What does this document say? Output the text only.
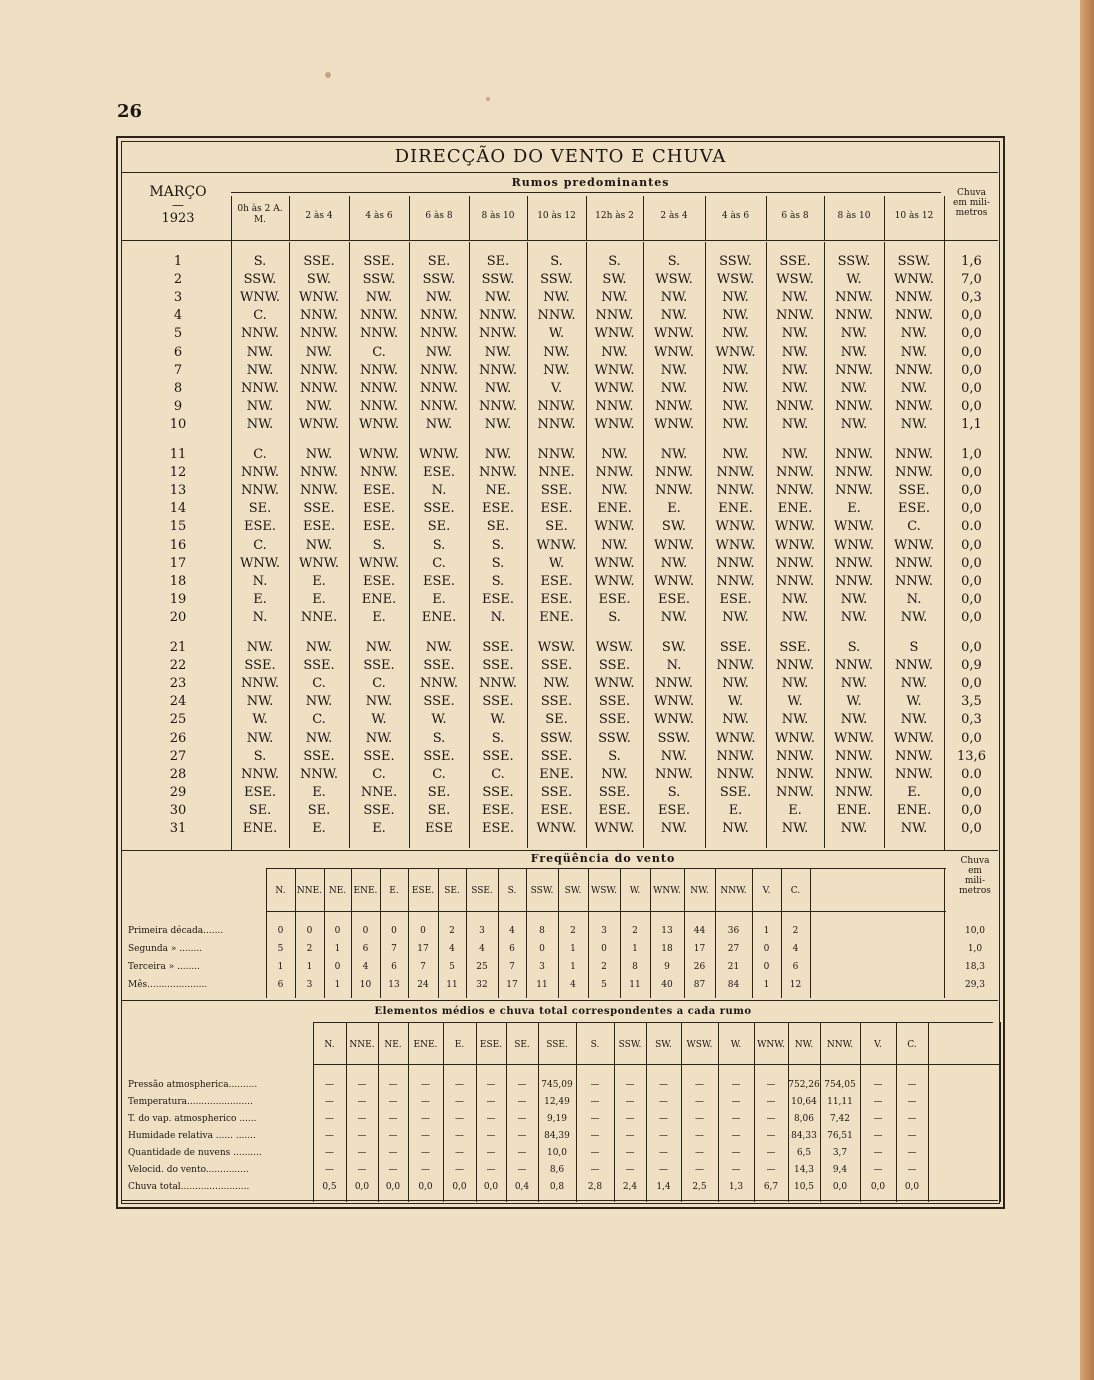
26
DIRECÇÃO DO VENTO E CHUVA
MARÇO
—
1923
Rumos predominantes
Chuva
em mili-
metros
0h às 2 A. M.	2 às 4	4 às 6	6 às 8	8 às 10	10 às 12	12h às 2	2 às 4	4 às 6	6 às 8	8 às 10	10 às 12
1	S.	SSE.	SSE.	SE.	SE.	S.	S.	S.	SSW.	SSE.	SSW.	SSW.	1,6
2	SSW.	SW.	SSW.	SSW.	SSW.	SSW.	SW.	WSW.	WSW.	WSW.	W.	WNW.	7,0
3	WNW.	WNW.	NW.	NW.	NW.	NW.	NW.	NW.	NW.	NW.	NNW.	NNW.	0,3
4	C.	NNW.	NNW.	NNW.	NNW.	NNW.	NNW.	NW.	NW.	NNW.	NNW.	NNW.	0,0
5	NNW.	NNW.	NNW.	NNW.	NNW.	W.	WNW.	WNW.	NW.	NW.	NW.	NW.	0,0
6	NW.	NW.	C.	NW.	NW.	NW.	NW.	WNW.	WNW.	NW.	NW.	NW.	0,0
7	NW.	NNW.	NNW.	NNW.	NNW.	NW.	WNW.	NW.	NW.	NW.	NNW.	NNW.	0,0
8	NNW.	NNW.	NNW.	NNW.	NW.	V.	WNW.	NW.	NW.	NW.	NW.	NW.	0,0
9	NW.	NW.	NNW.	NNW.	NNW.	NNW.	NNW.	NNW.	NW.	NNW.	NNW.	NNW.	0,0
10	NW.	WNW.	WNW.	NW.	NW.	NNW.	WNW.	WNW.	NW.	NW.	NW.	NW.	1,1
11	C.	NW.	WNW.	WNW.	NW.	NNW.	NW.	NW.	NW.	NW.	NNW.	NNW.	1,0
12	NNW.	NNW.	NNW.	ESE.	NNW.	NNE.	NNW.	NNW.	NNW.	NNW.	NNW.	NNW.	0,0
13	NNW.	NNW.	ESE.	N.	NE.	SSE.	NW.	NNW.	NNW.	NNW.	NNW.	SSE.	0,0
14	SE.	SSE.	ESE.	SSE.	ESE.	ESE.	ENE.	E.	ENE.	ENE.	E.	ESE.	0,0
15	ESE.	ESE.	ESE.	SE.	SE.	SE.	WNW.	SW.	WNW.	WNW.	WNW.	C.	0.0
16	C.	NW.	S.	S.	S.	WNW.	NW.	WNW.	WNW.	WNW.	WNW.	WNW.	0,0
17	WNW.	WNW.	WNW.	C.	S.	W.	WNW.	NW.	NNW.	NNW.	NNW.	NNW.	0,0
18	N.	E.	ESE.	ESE.	S.	ESE.	WNW.	WNW.	NNW.	NNW.	NNW.	NNW.	0,0
19	E.	E.	ENE.	E.	ESE.	ESE.	ESE.	ESE.	ESE.	NW.	NW.	N.	0,0
20	N.	NNE.	E.	ENE.	N.	ENE.	S.	NW.	NW.	NW.	NW.	NW.	0,0
21	NW.	NW.	NW.	NW.	SSE.	WSW.	WSW.	SW.	SSE.	SSE.	S.	S	0,0
22	SSE.	SSE.	SSE.	SSE.	SSE.	SSE.	SSE.	N.	NNW.	NNW.	NNW.	NNW.	0,9
23	NNW.	C.	C.	NNW.	NNW.	NW.	WNW.	NNW.	NW.	NW.	NW.	NW.	0,0
24	NW.	NW.	NW.	SSE.	SSE.	SSE.	SSE.	WNW.	W.	W.	W.	W.	3,5
25	W.	C.	W.	W.	W.	SE.	SSE.	WNW.	NW.	NW.	NW.	NW.	0,3
26	NW.	NW.	NW.	S.	S.	SSW.	SSW.	SSW.	WNW.	WNW.	WNW.	WNW.	0,0
27	S.	SSE.	SSE.	SSE.	SSE.	SSE.	S.	NW.	NNW.	NNW.	NNW.	NNW.	13,6
28	NNW.	NNW.	C.	C.	C.	ENE.	NW.	NNW.	NNW.	NNW.	NNW.	NNW.	0.0
29	ESE.	E.	NNE.	SE.	SSE.	SSE.	SSE.	S.	SSE.	NNW.	NNW.	E.	0,0
30	SE.	SE.	SSE.	SE.	ESE.	ESE.	ESE.	ESE.	E.	E.	ENE.	ENE.	0,0
31	ENE.	E.	E.	ESE	ESE.	WNW.	WNW.	NW.	NW.	NW.	NW.	NW.	0,0
Freqüência do vento	Chuva
em
mili-
metros
N.	NNE. NE. ENE.	E.	ESE.	SE.	SSE.	S.	SSW.	SW.	WSW.	W.	WNW.	NW.	NNW.	V.	C.
Primeira década.......	0	0	0	0	0	0	2	3	4	8	2	3	2	13	44	36	1	2	10,0
Segunda » ........	5	2	1	6	7	17	4	4	6	0	1	0	1	18	17	27	0	4	1,0
Terceira » ........	1	1	0	4	6	7	5	25	7	3	1	2	8	9	26	21	0	6	18,3
Mês.....................	6	3	1	10	13	24	11	32	17	11	4	5	11	40	87	84	1	12	29,3
Elementos médios e chuva total correspondentes a cada rumo
N.	NNE.	NE.	ENE.	E.	ESE.	SE.	SSE.	S.	SSW.	SW.	WSW.	W.	WNW.	NW.	NNW.	V.	C.
Pressão atmospherica..........	—	—	—	—	—	—	—	745,09	—	—	—	—	—	—	752,26 754,05	—	—
Temperatura.......................	—	—	—	—	—	—	—	12,49	—	—	—	—	—	—	10,64	11,11	—	—
T. do vap. atmospherico ......	—	—	—	—	—	—	—	9,19	—	—	—	—	—	—	8,06	7,42	—	—
Humidade relativa ...... .......	—	—	—	—	—	—	—	84,39	—	—	—	—	—	—	84,33	76,51	—	—
Quantidade de nuvens ..........	—	—	—	—	—	—	—	10,0	—	—	—	—	—	—	6,5	3,7	—	—
Velocid. do vento...............	—	—	—	—	—	—	—	8,6	—	—	—	—	—	—	14,3	9,4	—	—
Chuva total........................	0,5	0,0	0,0	0,0	0,0	0,0	0,4	0,8	2,8	2,4	1,4	2,5	1,3	6,7	10,5	0,0	0,0	0,0
